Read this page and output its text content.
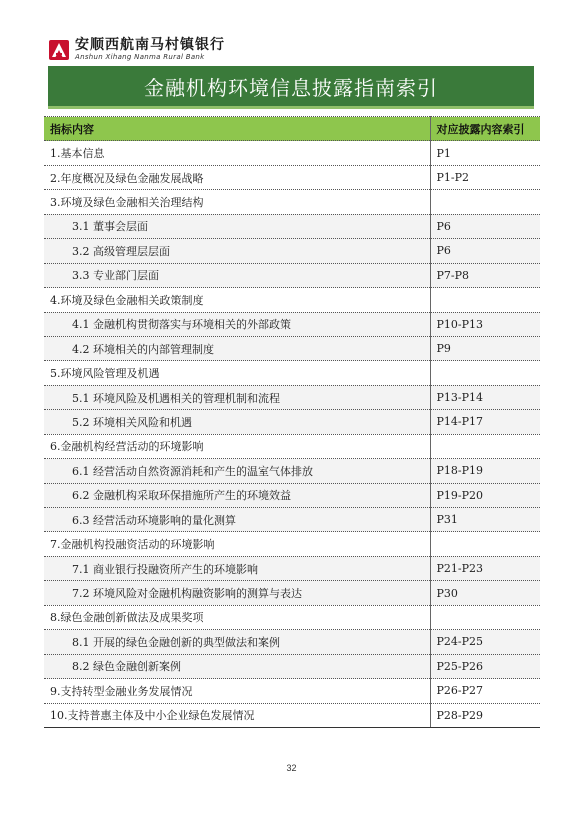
安顺西航南马村镇银行
Anshun Xihang Nanma Rural Bank
金融机构环境信息披露指南索引
指标内容	对应披露内容索引
1.基本信息	P1
2.年度概况及绿色金融发展战略	P1-P2
3.环境及绿色金融相关治理结构	
3.1 董事会层面	P6
3.2 高级管理层层面	P6
3.3 专业部门层面	P7-P8
4.环境及绿色金融相关政策制度	
4.1 金融机构贯彻落实与环境相关的外部政策	P10-P13
4.2 环境相关的内部管理制度	P9
5.环境风险管理及机遇	
5.1 环境风险及机遇相关的管理机制和流程	P13-P14
5.2 环境相关风险和机遇	P14-P17
6.金融机构经营活动的环境影响	
6.1 经营活动自然资源消耗和产生的温室气体排放	P18-P19
6.2 金融机构采取环保措施所产生的环境效益	P19-P20
6.3 经营活动环境影响的量化测算	P31
7.金融机构投融资活动的环境影响	
7.1 商业银行投融资所产生的环境影响	P21-P23
7.2 环境风险对金融机构融资影响的测算与表达	P30
8.绿色金融创新做法及成果奖项	
8.1 开展的绿色金融创新的典型做法和案例	P24-P25
8.2 绿色金融创新案例	P25-P26
9.支持转型金融业务发展情况	P26-P27
10.支持普惠主体及中小企业绿色发展情况	P28-P29
32
